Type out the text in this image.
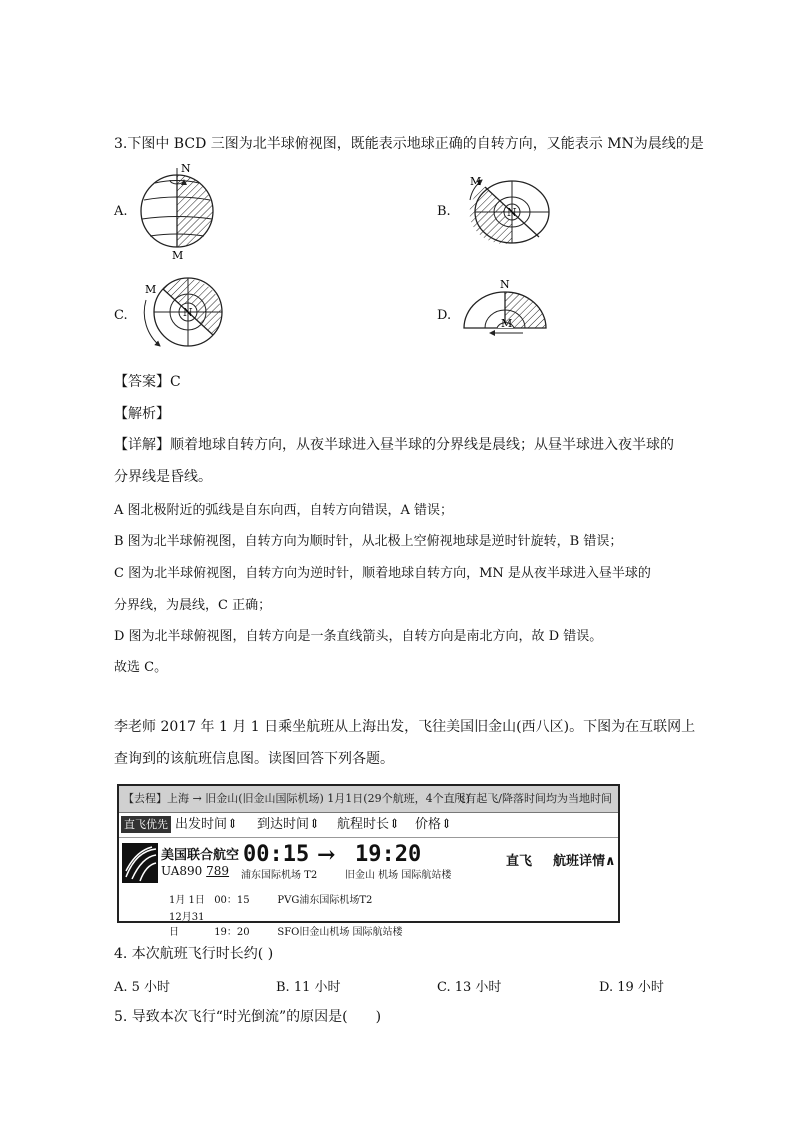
3.下图中 BCD 三图为北半球俯视图，既能表示地球正确的自转方向，又能表示 MN为晨线的是
A.	B.
C.	D.
N
M
M
N
M
N
N
M
【答案】C
【解析】
【详解】顺着地球自转方向，从夜半球进入昼半球的分界线是晨线；从昼半球进入夜半球的
分界线是昏线。
A 图北极附近的弧线是自东向西，自转方向错误，A 错误；
B 图为北半球俯视图，自转方向为顺时针，从北极上空俯视地球是逆时针旋转，B 错误；
C 图为北半球俯视图，自转方向为逆时针，顺着地球自转方向，MN 是从夜半球进入昼半球的
分界线，为晨线，C 正确；
D 图为北半球俯视图，自转方向是一条直线箭头，自转方向是南北方向，故 D 错误。
故选 C。
李老师 2017 年 1 月 1 日乘坐航班从上海出发，飞往美国旧金山(西八区)。下图为在互联网上
查询到的该航班信息图。读图回答下列各题。
【去程】上海 → 旧金山(旧金山国际机场) 1月1日(29个航班，4个直飞)
所有起飞/降落时间均为当地时间
直飞优先 出发时间⇕ 到达时间⇕ 航程时长⇕ 价格⇕
美国联合航空
UA890 789
00:15 → 19:20
浦东国际机场 T2	旧金山 机场 国际航站楼
直飞 航班详情∧
1月 1日 00：15	PVG浦东国际机场T2
12月31日	19：20	SFO旧金山机场 国际航站楼
4. 本次航班飞行时长约( )
A. 5 小时	B. 11 小时	C. 13 小时	D. 19 小时
5. 导致本次飞行“时光倒流”的原因是(　　)
